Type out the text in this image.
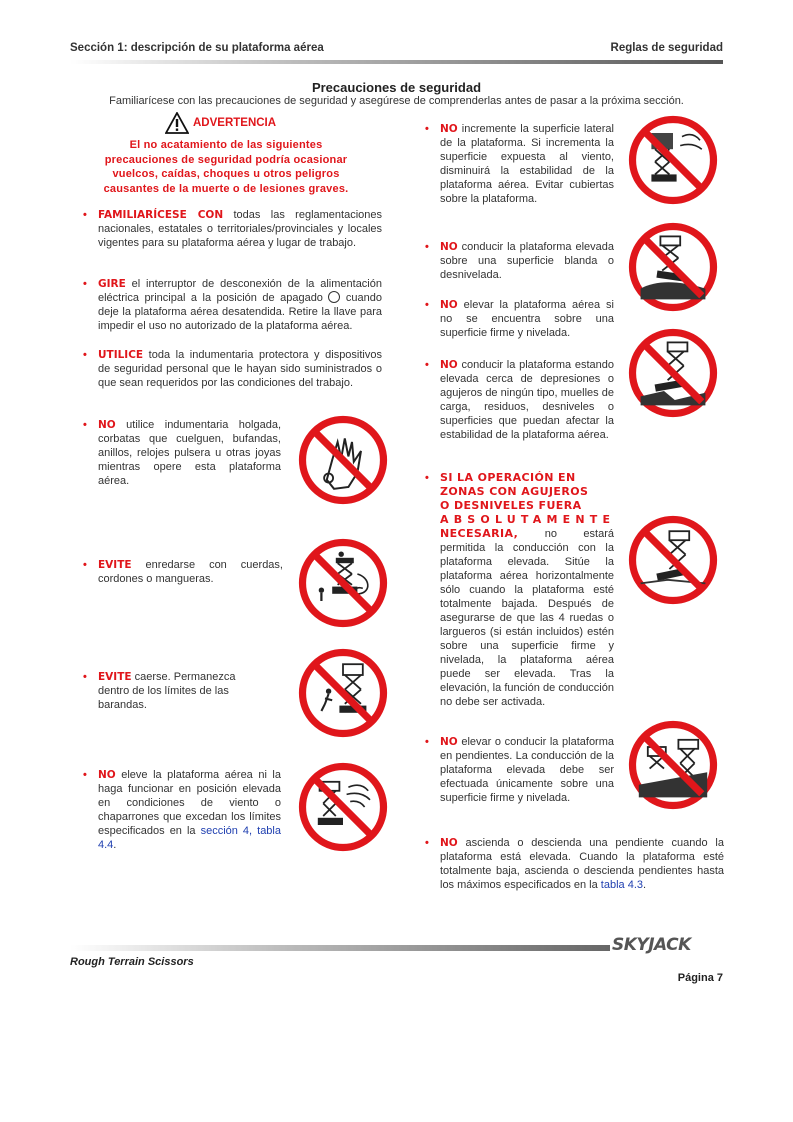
Sección 1: descripción de su plataforma aérea	Reglas de seguridad
Precauciones de seguridad
Familiarícese con las precauciones de seguridad y asegúrese de comprenderlas antes de pasar a la próxima sección.
ADVERTENCIA
El no acatamiento de las siguientes precauciones de seguridad podría ocasionar vuelcos, caídas, choques u otros peligros causantes de la muerte o de lesiones graves.
• FAMILIARÍCESE CON todas las reglamentaciones nacionales, estatales o territoriales/provinciales y locales vigentes para su plataforma aérea y lugar de trabajo.
• GIRE el interruptor de desconexión de la alimentación eléctrica principal a la posición de apagado  cuando deje la plataforma aérea desatendida. Retire la llave para impedir el uso no autorizado de la plataforma aérea.
• UTILICE toda la indumentaria protectora y dispositivos de seguridad personal que le hayan sido suministrados o que sean requeridos por las condiciones del trabajo.
• NO utilice indumentaria holgada, corbatas que cuelguen, bufandas, anillos, relojes pulsera u otras joyas mientras opere esta plataforma aérea.
• EVITE enredarse con cuerdas, cordones o mangueras.
• EVITE caerse. Permanezca dentro de los límites de las barandas.
• NO eleve la plataforma aérea ni la haga funcionar en posición elevada en condiciones de viento o chaparrones que excedan los límites especificados en la sección 4, tabla 4.4.
• NO incremente la superficie lateral de la plataforma. Si incrementa la superficie expuesta al viento, disminuirá la estabilidad de la plataforma aérea. Evitar cubiertas sobre la plataforma.
• NO conducir la plataforma elevada sobre una superficie blanda o desnivelada.
• NO elevar la plataforma aérea si no se encuentra sobre una superficie firme y nivelada.
• NO conducir la plataforma estando elevada cerca de depresiones o agujeros de ningún tipo, muelles de carga, residuos, desniveles o superficies que puedan afectar la estabilidad de la plataforma aérea.
• SI LA OPERACIÓN EN
ZONAS CON AGUJEROS
O DESNIVELES FUERA
ABSOLUTAMENTE
NECESARIA, no estará permitida la conducción con la plataforma elevada. Sitúe la plataforma aérea horizontalmente sólo cuando la plataforma esté totalmente bajada. Después de asegurarse de que las 4 ruedas o largueros (si están incluidos) estén sobre una superficie firme y nivelada, la plataforma aérea puede ser elevada. Tras la elevación, la función de conducción no debe ser activada.
• NO elevar o conducir la plataforma en pendientes. La conducción de la plataforma elevada debe ser efectuada únicamente sobre una superficie firme y nivelada.
• NO ascienda o descienda una pendiente cuando la plataforma está elevada. Cuando la plataforma esté totalmente baja, ascienda o descienda pendientes hasta los máximos especificados en la tabla 4.3.
SKYJACK
Rough Terrain Scissors
Página 7
